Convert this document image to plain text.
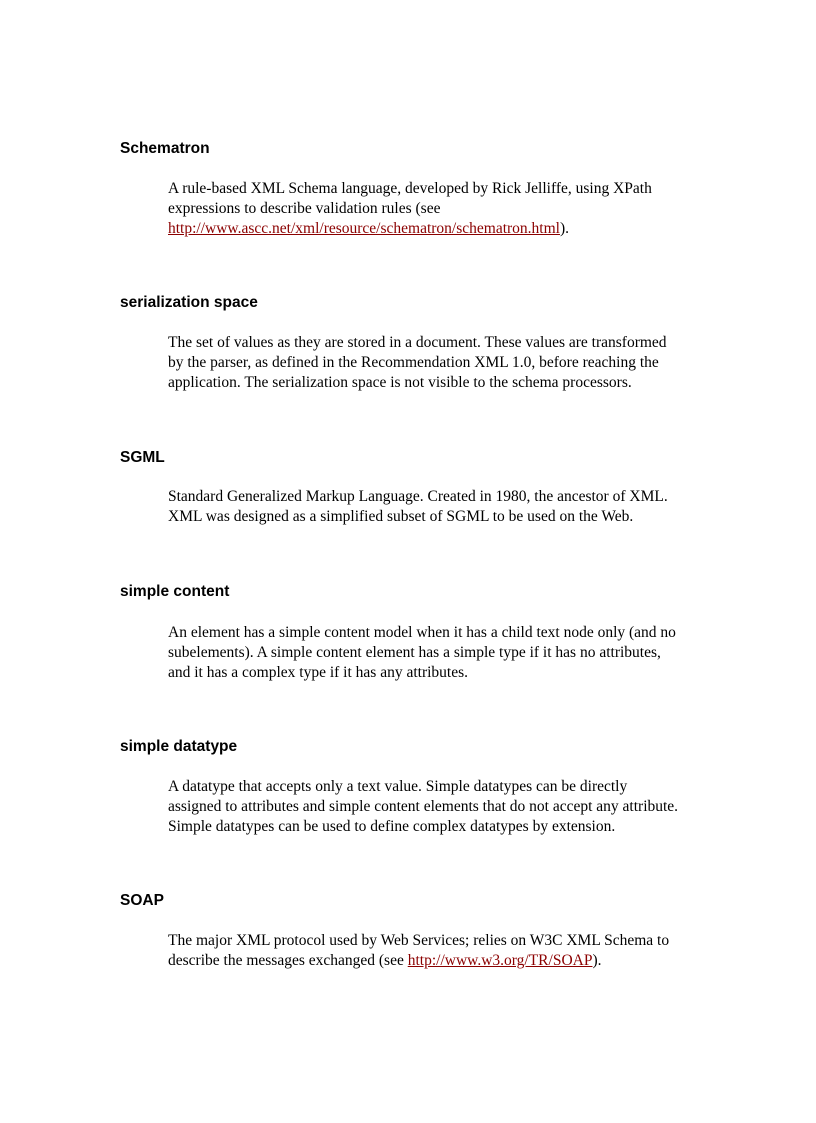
Schematron

A rule-based XML Schema language, developed by Rick Jelliffe, using XPath
expressions to describe validation rules (see
http://www.ascc.net/xml/resource/schematron/schematron.html).

serialization space

The set of values as they are stored in a document. These values are transformed
by the parser, as defined in the Recommendation XML 1.0, before reaching the
application. The serialization space is not visible to the schema processors.

SGML

Standard Generalized Markup Language. Created in 1980, the ancestor of XML.
XML was designed as a simplified subset of SGML to be used on the Web.

simple content

An element has a simple content model when it has a child text node only (and no
subelements). A simple content element has a simple type if it has no attributes,
and it has a complex type if it has any attributes.

simple datatype

A datatype that accepts only a text value. Simple datatypes can be directly
assigned to attributes and simple content elements that do not accept any attribute.
Simple datatypes can be used to define complex datatypes by extension.

SOAP

The major XML protocol used by Web Services; relies on W3C XML Schema to
describe the messages exchanged (see http://www.w3.org/TR/SOAP).
